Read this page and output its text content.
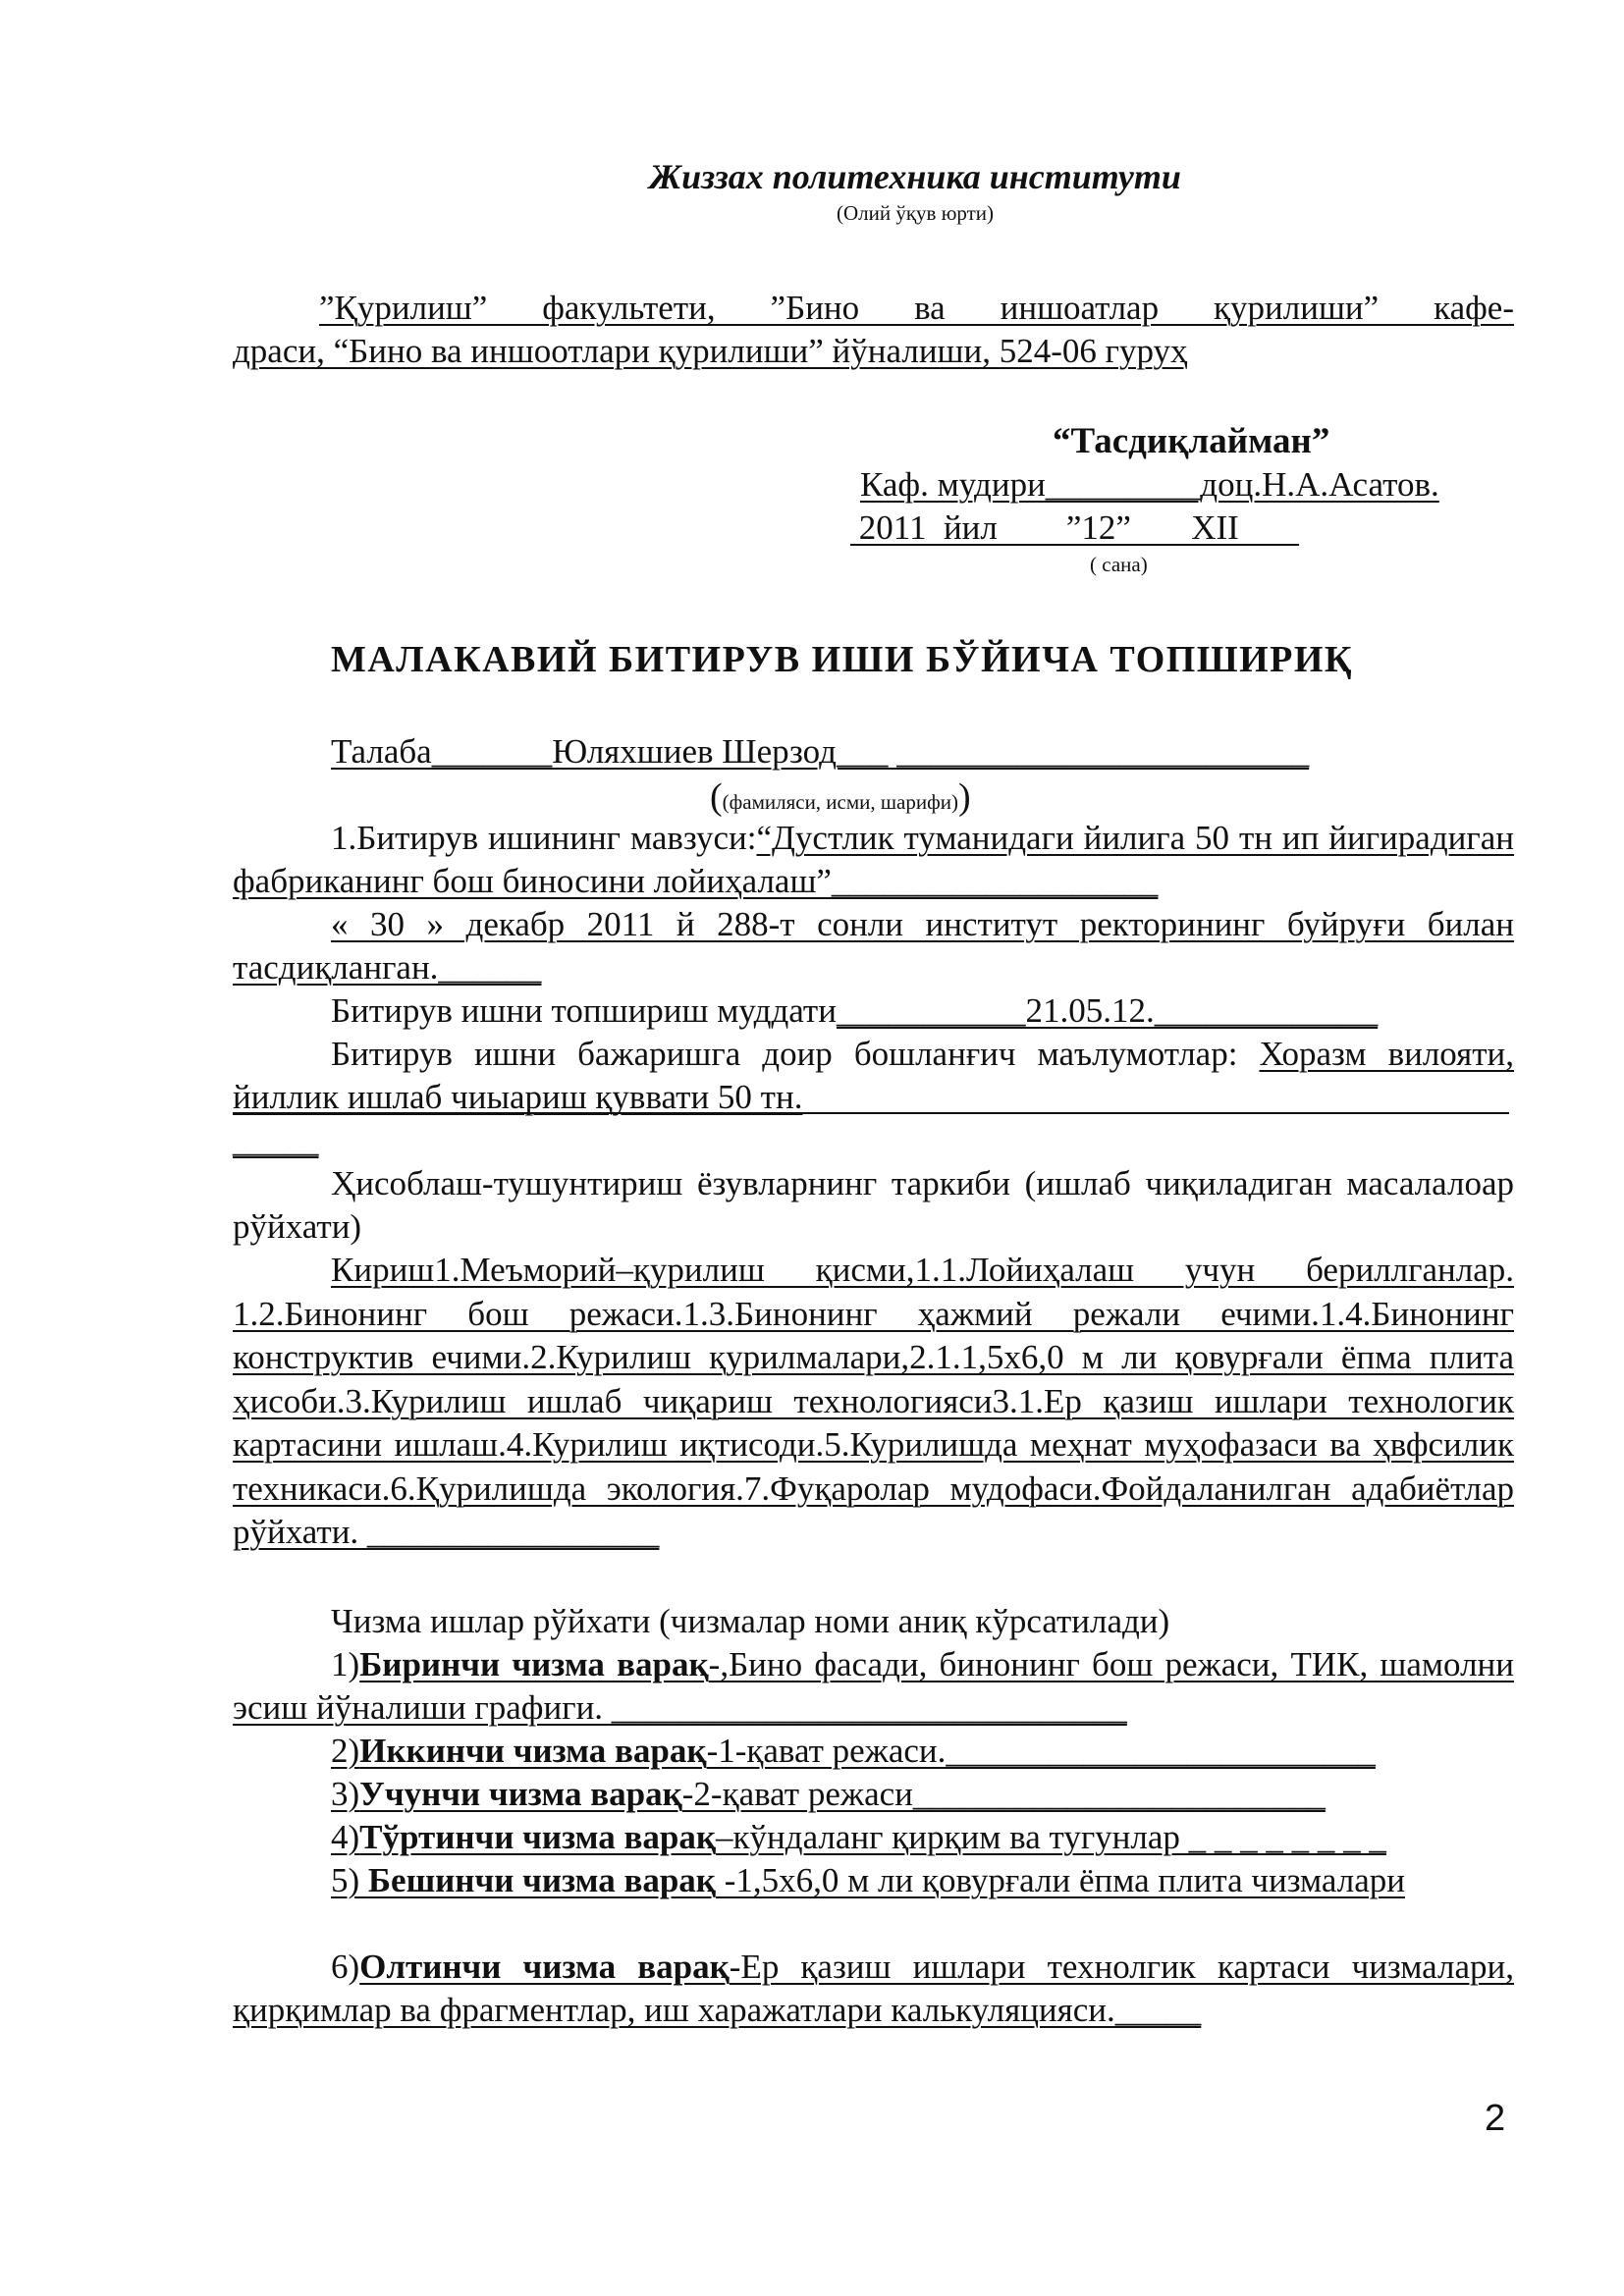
Жиззах политехника институти
(Олий ўқув юрти)
”Қурилиш” факультети, ”Бино ва иншоатлар қурилиши” кафе-
драси, “Бино ва иншоотлари қурилиши” йўналиши, 524-06 гуруҳ
“Тасдиқлайман”
Каф. мудири_________доц.Н.А.Асатов.
2011  йил        ”12”       XII
( сана)
МАЛАКАВИЙ БИТИРУВ ИШИ БЎЙИЧА ТОПШИРИҚ
Талаба_______Юляхшиев Шерзод___ ________________________
((фамиляси, исми, шарифи))
1.Битирув ишининг мавзуси:“Дустлик туманидаги йилига 50 тн ип йигирадиган фабриканинг бош биносини лойиҳалаш”___________________
« 30 » декабр 2011 й 288-т сонли институт ректорининг буйруғи билан тасдиқланган.______
Битирув ишни топшириш муддати___________21.05.12._____________
Битирув ишни бажаришга доир бошланғич маълумотлар: Хоразм вилояти, йиллик ишлаб чиыариш қуввати 50 тн.
_____
Ҳисоблаш-тушунтириш ёзувларнинг таркиби (ишлаб чиқиладиган масалалоар рўйхати)
Кириш1.Меъморий–қурилиш қисми,1.1.Лойиҳалаш учун бериллганлар. 1.2.Бинонинг бош режаси.1.3.Бинонинг ҳажмий режали ечими.1.4.Бинонинг конструктив ечими.2.Курилиш қурилмалари,2.1.1,5х6,0 м ли қовурғали ёпма плита ҳисоби.3.Курилиш ишлаб чиқариш технологияси3.1.Ер қазиш ишлари технологик картасини ишлаш.4.Курилиш иқтисоди.5.Курилишда меҳнат муҳофазаси ва ҳвфсилик техникаси.6.Қурилишда экология.7.Фуқаролар мудофаси.Фойдаланилган адабиётлар рўйхати. _________________
Чизма ишлар рўйхати (чизмалар номи аниқ кўрсатилади)
1)Биринчи чизма варақ-,Бино фасади, бинонинг бош режаси, ТИК, шамолни эсиш йўналиши графиги. ______________________________
2)Иккинчи чизма варақ-1-қават режаси._________________________
3)Учунчи чизма варақ-2-қават режаси________________________
4)Тўртинчи чизма варақ–кўндаланг қирқим ва тугунлар _ _ _ _ _ _ _ _
5) Бешинчи чизма варақ -1,5х6,0 м ли қовурғали ёпма плита чизмалари
6)Олтинчи чизма варақ-Ер қазиш ишлари технолгик картаси чизмалари, қирқимлар ва фрагментлар, иш харажатлари калькуляцияси._____
2
